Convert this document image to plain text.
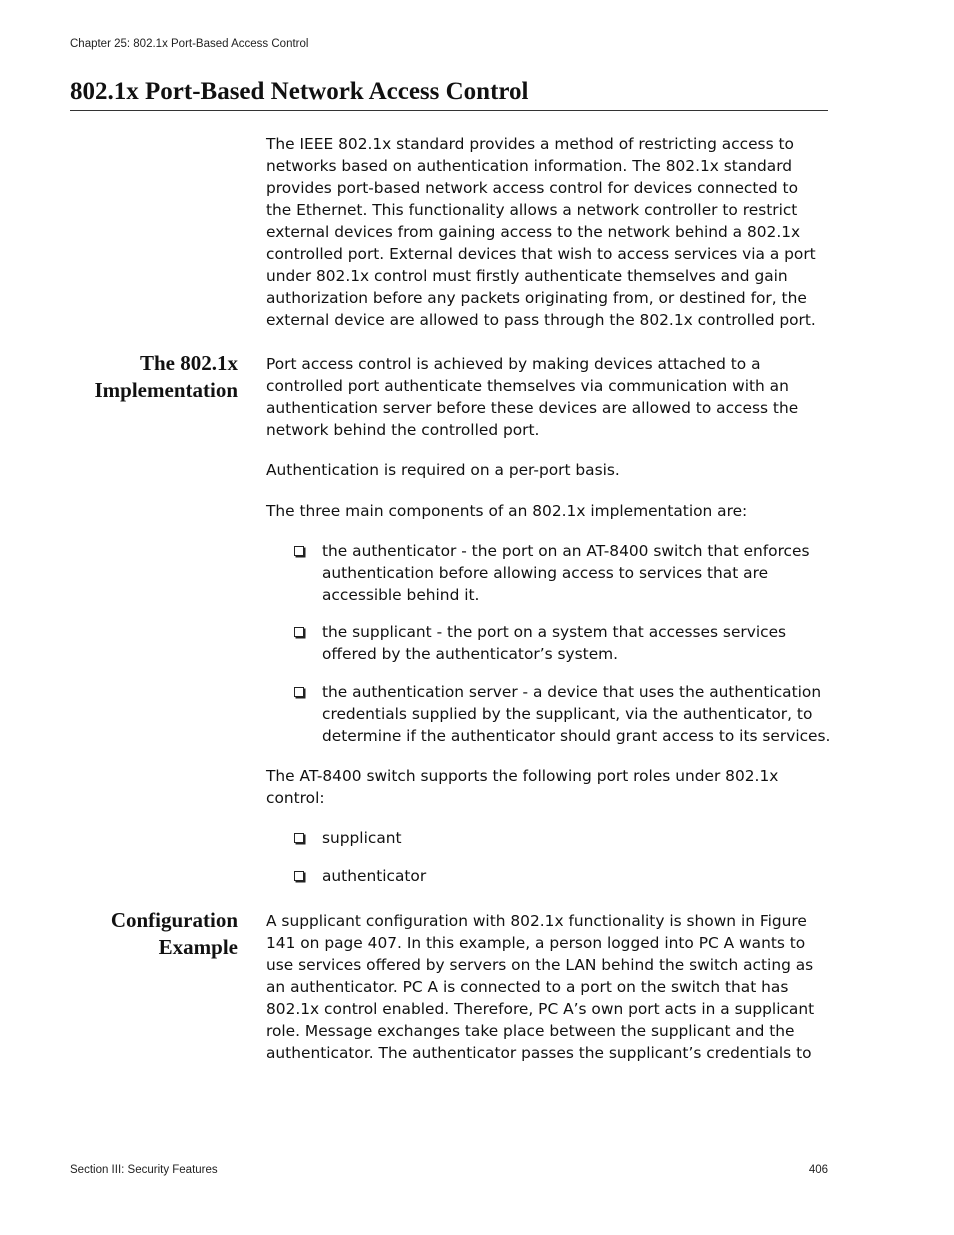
Chapter 25: 802.1x Port-Based Access Control
802.1x Port-Based Network Access Control

The IEEE 802.1x standard provides a method of restricting access to networks based on authentication information. The 802.1x standard provides port-based network access control for devices connected to the Ethernet. This functionality allows a network controller to restrict external devices from gaining access to the network behind a 802.1x controlled port. External devices that wish to access services via a port under 802.1x control must firstly authenticate themselves and gain authorization before any packets originating from, or destined for, the external device are allowed to pass through the 802.1x controlled port.

The 802.1x
Implementation

Port access control is achieved by making devices attached to a controlled port authenticate themselves via communication with an authentication server before these devices are allowed to access the network behind the controlled port.

Authentication is required on a per-port basis.

The three main components of an 802.1x implementation are:

the authenticator - the port on an AT-8400 switch that enforces authentication before allowing access to services that are accessible behind it.
the supplicant - the port on a system that accesses services offered by the authenticator’s system.
the authentication server - a device that uses the authentication credentials supplied by the supplicant, via the authenticator, to determine if the authenticator should grant access to its services.

The AT-8400 switch supports the following port roles under 802.1x control:

supplicant
authenticator
Configuration
Example

A supplicant configuration with 802.1x functionality is shown in Figure 141 on page 407. In this example, a person logged into PC A wants to use services offered by servers on the LAN behind the switch acting as an authenticator. PC A is connected to a port on the switch that has 802.1x control enabled. Therefore, PC A’s own port acts in a supplicant role. Message exchanges take place between the supplicant and the authenticator. The authenticator passes the supplicant’s credentials to

Section III: Security Features	406
